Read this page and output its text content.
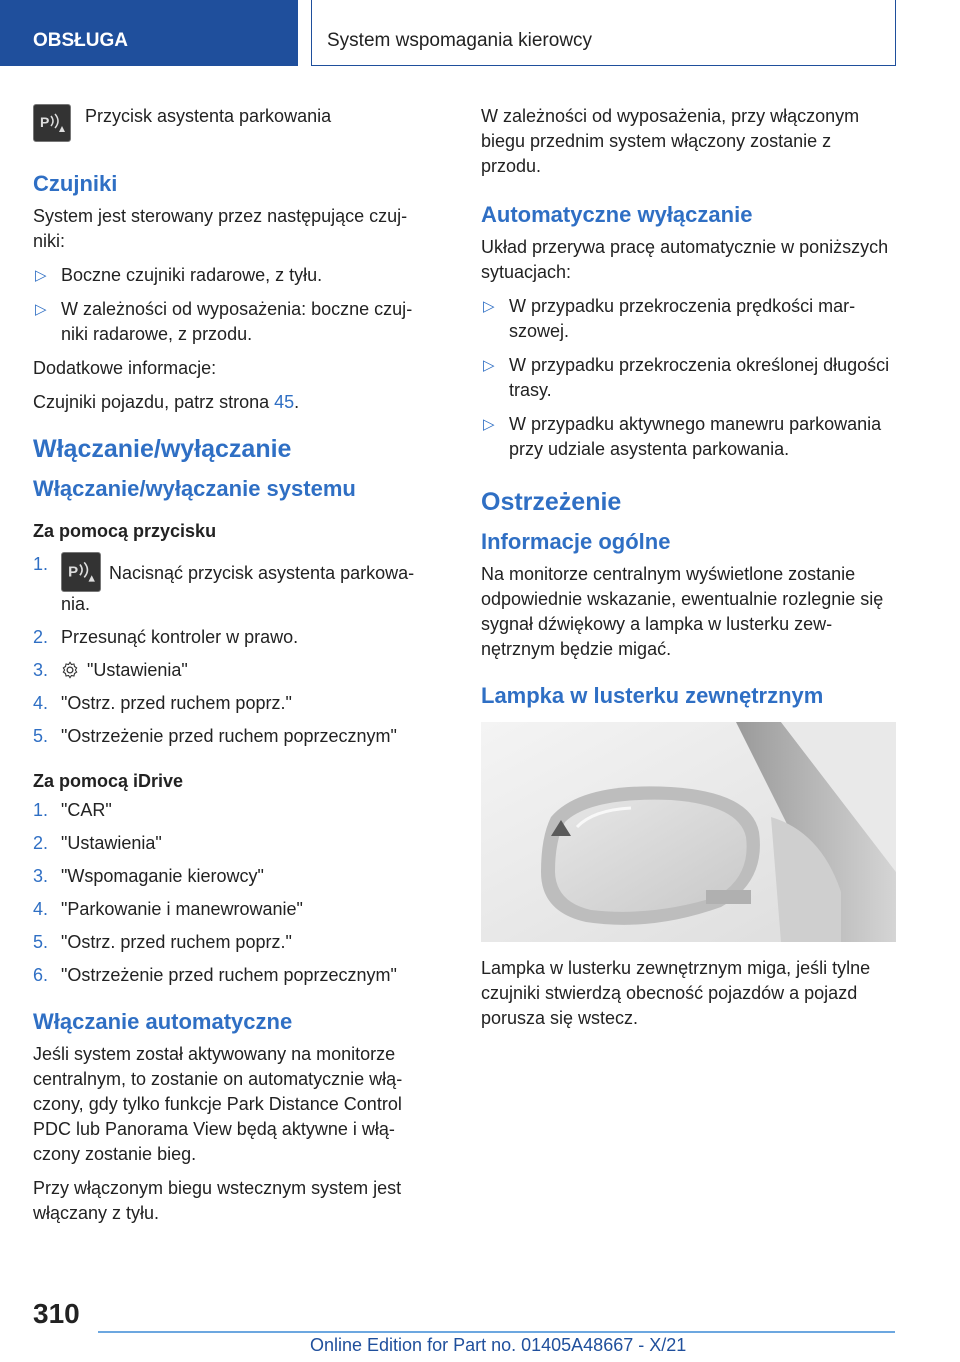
OBSŁUGA	System wspomagania kierowcy
P Przycisk asystenta parkowania
Czujniki

System jest sterowany przez następujące czujniki:

▷ Boczne czujniki radarowe, z tyłu.
▷ W zależności od wyposażenia: boczne czujniki radarowe, z przodu.

Dodatkowe informacje:

Czujniki pojazdu, patrz strona 45.

Włączanie/wyłączanie
Włączanie/wyłączanie systemu
Za pomocą przycisku
1. P Nacisnąć przycisk asystenta parkowania.
2. Przesunąć kontroler w prawo.
3. "Ustawienia"
4. "Ostrz. przed ruchem poprz."
5. "Ostrzeżenie przed ruchem poprzecznym"
Za pomocą iDrive
1. "CAR"
2. "Ustawienia"
3. "Wspomaganie kierowcy"
4. "Parkowanie i manewrowanie"
5. "Ostrz. przed ruchem poprz."
6. "Ostrzeżenie przed ruchem poprzecznym"
Włączanie automatyczne

Jeśli system został aktywowany na monitorze centralnym, to zostanie on automatycznie włączony, gdy tylko funkcje Park Distance Control PDC lub Panorama View będą aktywne i włączony zostanie bieg.

Przy włączonym biegu wstecznym system jest włączany z tyłu.

W zależności od wyposażenia, przy włączonym biegu przednim system włączony zostanie z przodu.

Automatyczne wyłączanie

Układ przerywa pracę automatycznie w poniższych sytuacjach:

▷ W przypadku przekroczenia prędkości marszowej.
▷ W przypadku przekroczenia określonej długości trasy.
▷ W przypadku aktywnego manewru parkowania przy udziale asystenta parkowania.
Ostrzeżenie
Informacje ogólne

Na monitorze centralnym wyświetlone zostanie odpowiednie wskazanie, ewentualnie rozlegnie się sygnał dźwiękowy a lampka w lusterku zewnętrznym będzie migać.

Lampka w lusterku zewnętrznym

Lampka w lusterku zewnętrznym miga, jeśli tylne czujniki stwierdzą obecność pojazdów a pojazd porusza się wstecz.

310
Online Edition for Part no. 01405A48667 - X/21
